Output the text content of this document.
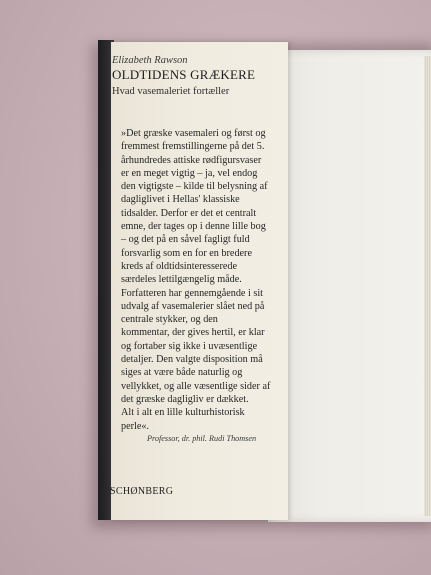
Elizabeth Rawson
OLDTIDENS GRÆKERE
Hvad vasemaleriet fortæller
»Det græske vasemaleri og først og
fremmest fremstillingerne på det 5.
århundredes attiske rødfigursvaser
er en meget vigtig – ja, vel endog
den vigtigste – kilde til belysning af
dagliglivet i Hellas' klassiske
tidsalder. Derfor er det et centralt
emne, der tages op i denne lille bog
– og det på en såvel fagligt fuld
forsvarlig som en for en bredere
kreds af oldtidsinteresserede
særdeles lettilgængelig måde.
Forfatteren har gennemgående i sit
udvalg af vasemalerier slået ned på
centrale stykker, og den
kommentar, der gives hertil, er klar
og fortaber sig ikke i uvæsentlige
detaljer. Den valgte disposition må
siges at være både naturlig og
vellykket, og alle væsentlige sider af
det græske dagligliv er dækket.
Alt i alt en lille kulturhistorisk
perle«.
Professor, dr. phil. Rudi Thomsen
SCHØNBERG
